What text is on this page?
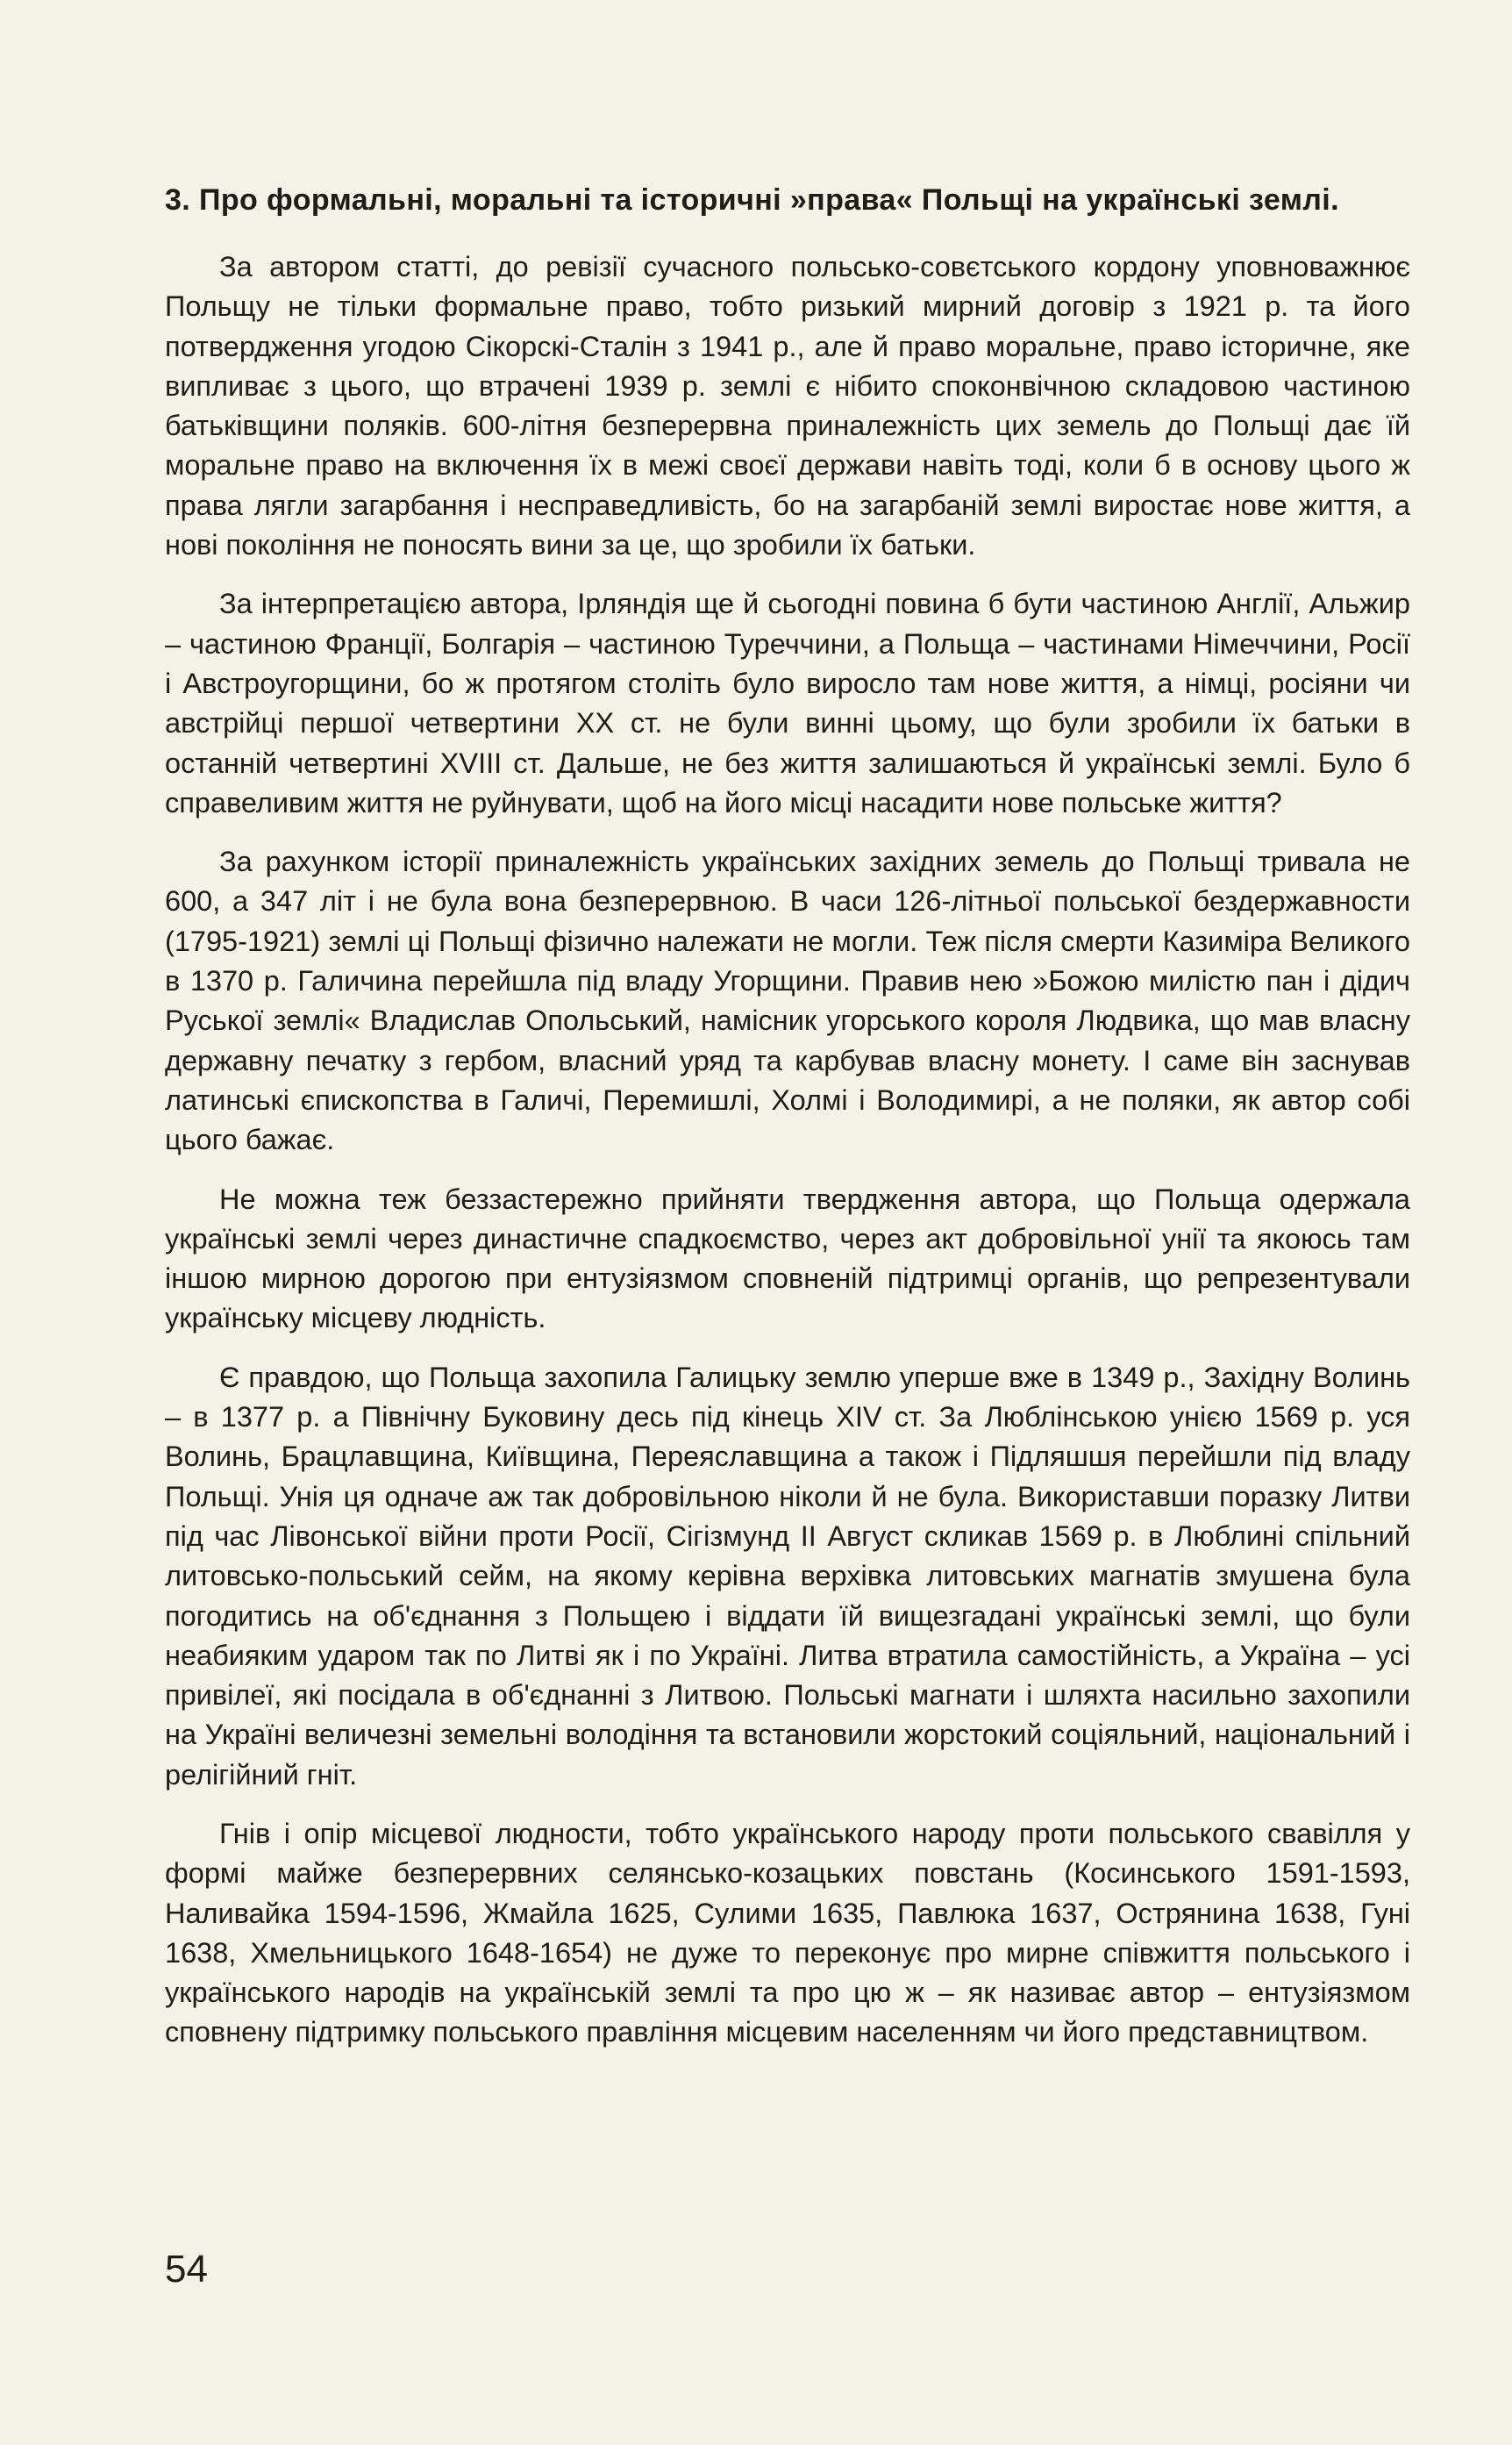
3. Про формальні, моральні та історичні »права« Польщі на українські землі.

За автором статті, до ревізії сучасного польсько-совєтського кордону уповноважнює Польщу не тільки формальне право, тобто ризький мирний договір з 1921 р. та його потвердження угодою Сікорскі-Сталін з 1941 р., але й право моральне, право історичне, яке випливає з цього, що втрачені 1939 р. землі є нібито споконвічною складовою частиною батьківщини поляків. 600-літня безперервна приналежність цих земель до Польщі дає їй моральне право на включення їх в межі своєї держави навіть тоді, коли б в основу цього ж права лягли загарбання і несправедливість, бо на загарбаній землі виростає нове життя, а нові покоління не поносять вини за це, що зробили їх батьки.

За інтерпретацією автора, Ірляндія ще й сьогодні повина б бути частиною Англії, Альжир – частиною Франції, Болгарія – частиною Туреччини, а Польща – частинами Німеччини, Росії і Австроугорщини, бо ж протягом століть було виросло там нове життя, а німці, росіяни чи австрійці першої четвертини XX ст. не були винні цьому, що були зробили їх батьки в останній четвертині XVIII ст. Дальше, не без життя залишаються й українські землі. Було б справеливим життя не руйнувати, щоб на його місці насадити нове польське життя?

За рахунком історії приналежність українських західних земель до Польщі тривала не 600, а 347 літ і не була вона безперервною. В часи 126-літньої польської бездержавности (1795-1921) землі ці Польщі фізично належати не могли. Теж після смерти Казиміра Великого в 1370 р. Галичина перейшла під владу Угорщини. Правив нею »Божою милістю пан і дідич Руської землі« Владислав Опольський, намісник угорського короля Людвика, що мав власну державну печатку з гербом, власний уряд та карбував власну монету. І саме він заснував латинські єпископства в Галичі, Перемишлі, Холмі і Володимирі, а не поляки, як автор собі цього бажає.

Не можна теж беззастережно прийняти твердження автора, що Польща одержала українські землі через династичне спадкоємство, через акт добровільної унії та якоюсь там іншою мирною дорогою при ентузіязмом сповненій підтримці органів, що репрезентували українську місцеву людність.

Є правдою, що Польща захопила Галицьку землю уперше вже в 1349 р., Західну Волинь – в 1377 р. а Північну Буковину десь під кінець XIV ст. За Люблінською унією 1569 р. уся Волинь, Брацлавщина, Київщина, Переяславщина а також і Підляшшя перейшли під владу Польщі. Унія ця одначе аж так добровільною ніколи й не була. Використавши поразку Литви під час Лівонської війни проти Росії, Сігізмунд II Август скликав 1569 р. в Люблині спільний литовсько-польський сейм, на якому керівна верхівка литовських магнатів змушена була погодитись на об'єднання з Польщею і віддати їй вищезгадані українські землі, що були неабияким ударом так по Литві як і по Україні. Литва втратила самостійність, а Україна – усі привілеї, які посідала в об'єднанні з Литвою. Польські магнати і шляхта насильно захопили на Україні величезні земельні володіння та встановили жорстокий соціяльний, національний і релігійний гніт.

Гнів і опір місцевої людности, тобто українського народу проти польського свавілля у формі майже безперервних селянсько-козацьких повстань (Косинського 1591-1593, Наливайка 1594-1596, Жмайла 1625, Сулими 1635, Павлюка 1637, Острянина 1638, Гуні 1638, Хмельницького 1648-1654) не дуже то переконує про мирне співжиття польського і українського народів на українській землі та про цю ж – як називає автор – ентузіязмом сповнену підтримку польського правління місцевим населенням чи його представництвом.

54
